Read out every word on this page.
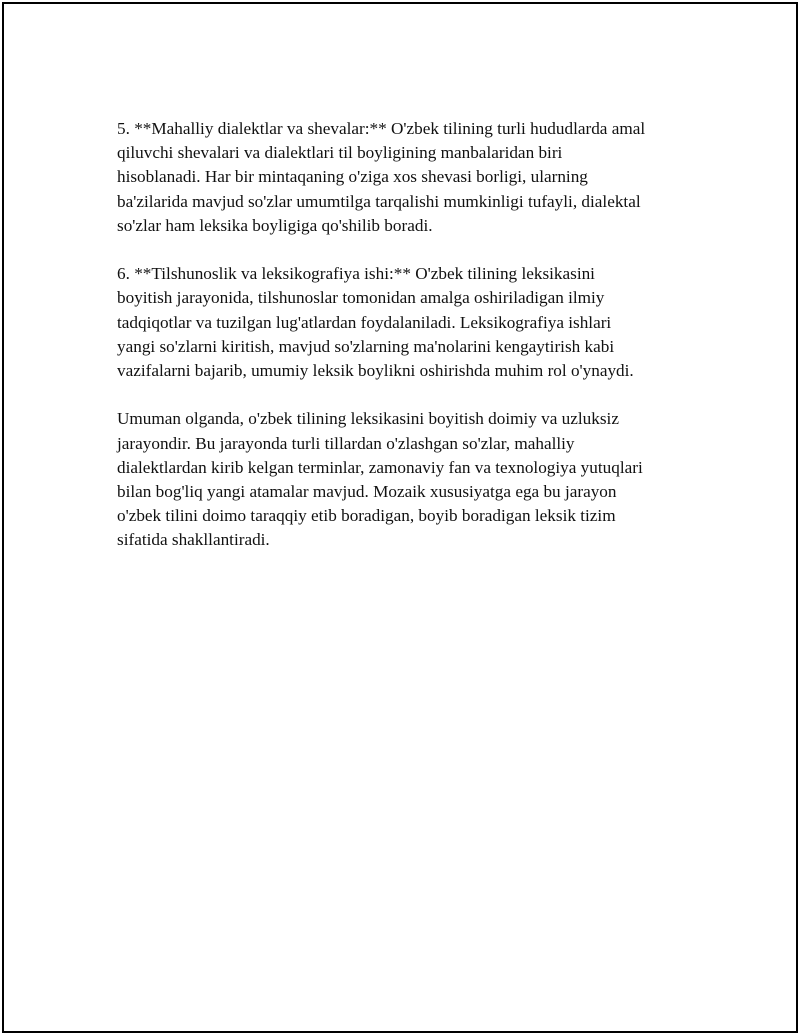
5. **Mahalliy dialektlar va shevalar:** O'zbek tilining turli hududlarda amal
qiluvchi shevalari va dialektlari til boyligining manbalaridan biri
hisoblanadi. Har bir mintaqaning o'ziga xos shevasi borligi, ularning
ba'zilarida mavjud so'zlar umumtilga tarqalishi mumkinligi tufayli, dialektal
so'zlar ham leksika boyligiga qo'shilib boradi.

6. **Tilshunoslik va leksikografiya ishi:** O'zbek tilining leksikasini
boyitish jarayonida, tilshunoslar tomonidan amalga oshiriladigan ilmiy
tadqiqotlar va tuzilgan lug'atlardan foydalaniladi. Leksikografiya ishlari
yangi so'zlarni kiritish, mavjud so'zlarning ma'nolarini kengaytirish kabi
vazifalarni bajarib, umumiy leksik boylikni oshirishda muhim rol o'ynaydi.

Umuman olganda, o'zbek tilining leksikasini boyitish doimiy va uzluksiz
jarayondir. Bu jarayonda turli tillardan o'zlashgan so'zlar, mahalliy
dialektlardan kirib kelgan terminlar, zamonaviy fan va texnologiya yutuqlari
bilan bog'liq yangi atamalar mavjud. Mozaik xususiyatga ega bu jarayon
o'zbek tilini doimo taraqqiy etib boradigan, boyib boradigan leksik tizim
sifatida shakllantiradi.
